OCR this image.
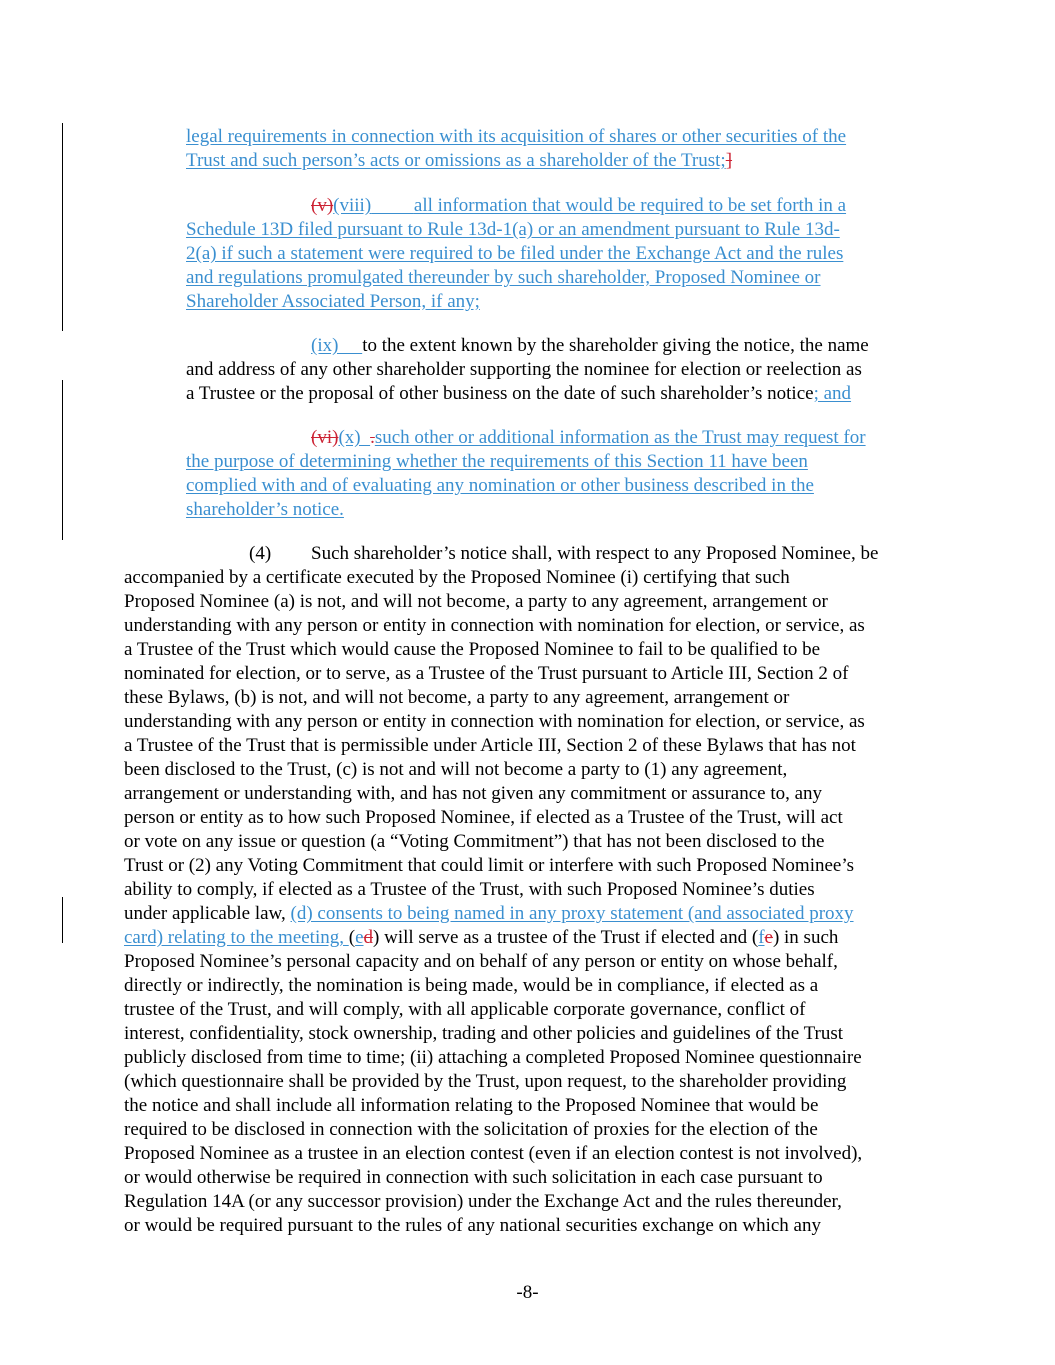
legal requirements in connection with its acquisition of shares or other securities of the
Trust and such person’s acts or omissions as a shareholder of the Trust;]
(v)(viii) all information that would be required to be set forth in a
Schedule 13D filed pursuant to Rule 13d-1(a) or an amendment pursuant to Rule 13d-
2(a) if such a statement were required to be filed under the Exchange Act and the rules
and regulations promulgated thereunder by such shareholder, Proposed Nominee or
Shareholder Associated Person, if any;
(ix)     to the extent known by the shareholder giving the notice, the name
and address of any other shareholder supporting the nominee for election or reelection as
a Trustee or the proposal of other business on the date of such shareholder’s notice; and
(vi)(x)  .such other or additional information as the Trust may request for
the purpose of determining whether the requirements of this Section 11 have been
complied with and of evaluating any nomination or other business described in the
shareholder’s notice.
(4) Such shareholder’s notice shall, with respect to any Proposed Nominee, be
accompanied by a certificate executed by the Proposed Nominee (i) certifying that such
Proposed Nominee (a) is not, and will not become, a party to any agreement, arrangement or
understanding with any person or entity in connection with nomination for election, or service, as
a Trustee of the Trust which would cause the Proposed Nominee to fail to be qualified to be
nominated for election, or to serve, as a Trustee of the Trust pursuant to Article III, Section 2 of
these Bylaws, (b) is not, and will not become, a party to any agreement, arrangement or
understanding with any person or entity in connection with nomination for election, or service, as
a Trustee of the Trust that is permissible under Article III, Section 2 of these Bylaws that has not
been disclosed to the Trust, (c) is not and will not become a party to (1) any agreement,
arrangement or understanding with, and has not given any commitment or assurance to, any
person or entity as to how such Proposed Nominee, if elected as a Trustee of the Trust, will act
or vote on any issue or question (a “Voting Commitment”) that has not been disclosed to the
Trust or (2) any Voting Commitment that could limit or interfere with such Proposed Nominee’s
ability to comply, if elected as a Trustee of the Trust, with such Proposed Nominee’s duties
under applicable law, (d) consents to being named in any proxy statement (and associated proxy
card) relating to the meeting, (ed) will serve as a trustee of the Trust if elected and (fe) in such
Proposed Nominee’s personal capacity and on behalf of any person or entity on whose behalf,
directly or indirectly, the nomination is being made, would be in compliance, if elected as a
trustee of the Trust, and will comply, with all applicable corporate governance, conflict of
interest, confidentiality, stock ownership, trading and other policies and guidelines of the Trust
publicly disclosed from time to time; (ii) attaching a completed Proposed Nominee questionnaire
(which questionnaire shall be provided by the Trust, upon request, to the shareholder providing
the notice and shall include all information relating to the Proposed Nominee that would be
required to be disclosed in connection with the solicitation of proxies for the election of the
Proposed Nominee as a trustee in an election contest (even if an election contest is not involved),
or would otherwise be required in connection with such solicitation in each case pursuant to
Regulation 14A (or any successor provision) under the Exchange Act and the rules thereunder,
or would be required pursuant to the rules of any national securities exchange on which any
-8-
